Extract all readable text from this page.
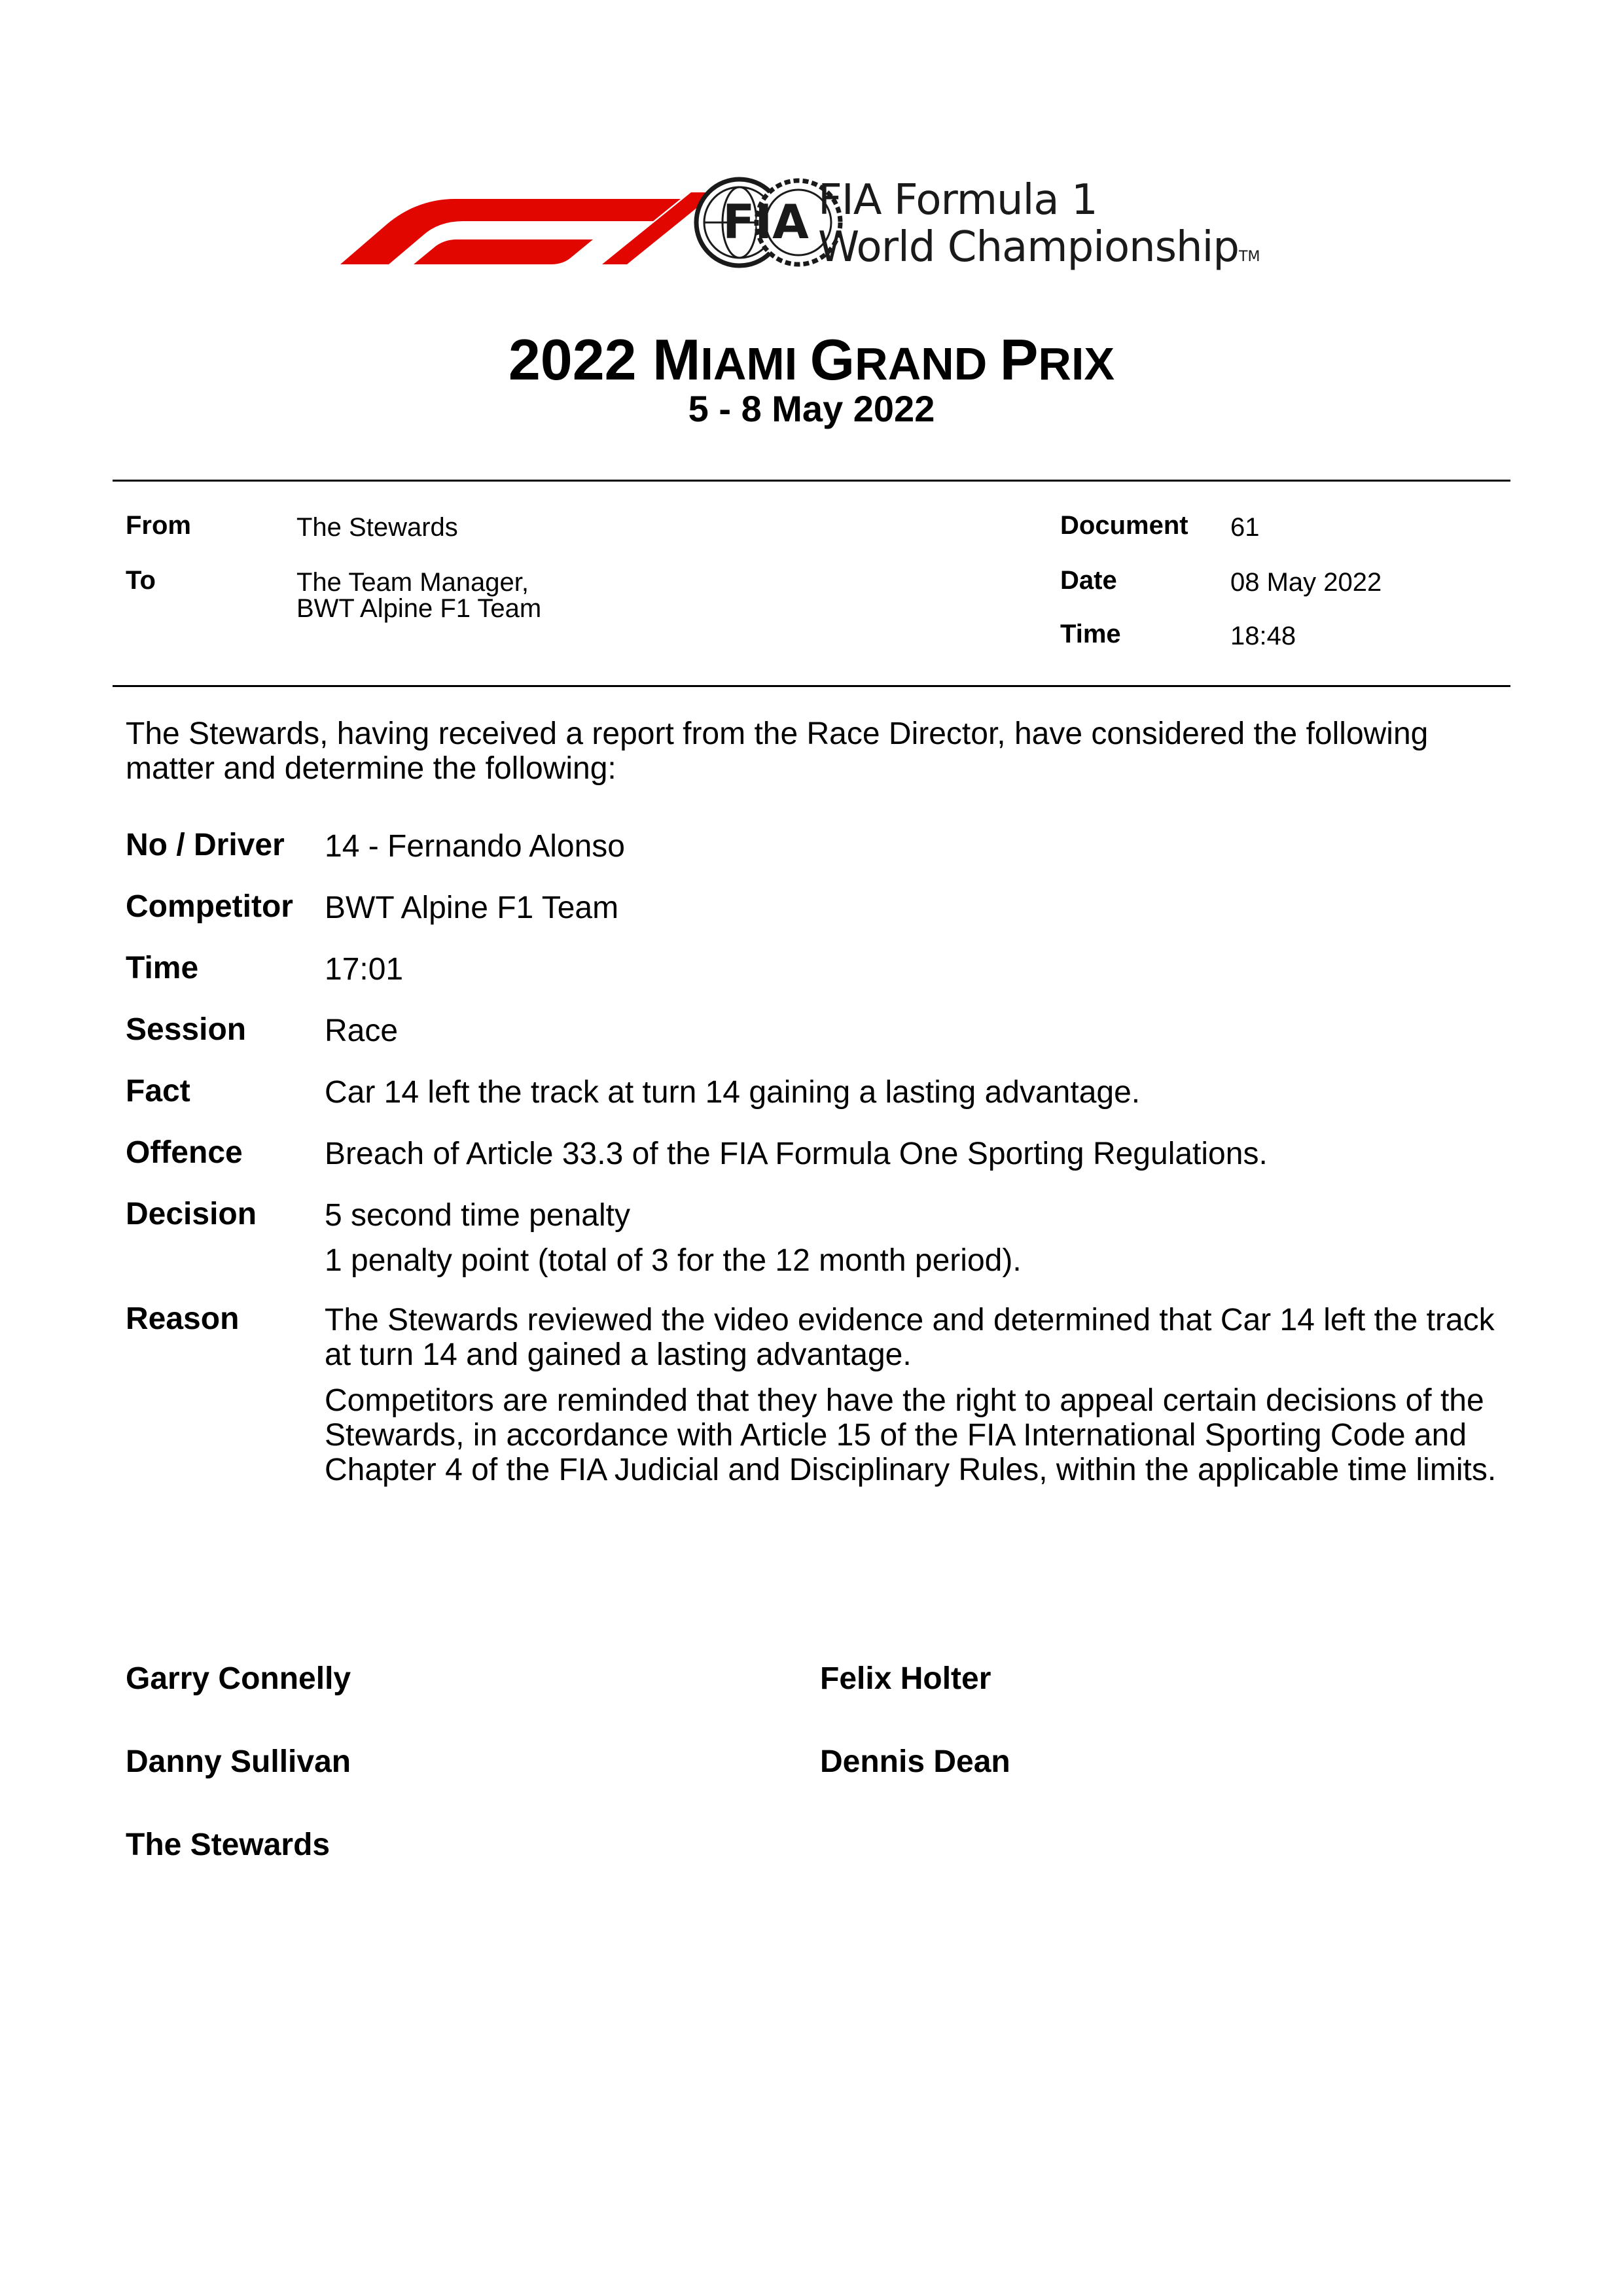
FIA FIA Formula 1
World ChampionshipTM
2022 MIAMI GRAND PRIX
5 - 8 May 2022
From	The Stewards
To	The Team Manager,
BWT Alpine F1 Team
Document 61
Date	08 May 2022
Time	18:48
The Stewards, having received a report from the Race Director, have considered the following matter and determine the following:
No / Driver 14 - Fernando Alonso
Competitor BWT Alpine F1 Team
Time	17:01
Session Race
Fact	Car 14 left the track at turn 14 gaining a lasting advantage.
Offence	Breach of Article 33.3 of the FIA Formula One Sporting Regulations.
Decision 5 second time penalty

1 penalty point (total of 3 for the 12 month period).

Reason	The Stewards reviewed the video evidence and determined that Car 14 left the track at turn 14 and gained a lasting advantage.

Competitors are reminded that they have the right to appeal certain decisions of the Stewards, in accordance with Article 15 of the FIA International Sporting Code and Chapter 4 of the FIA Judicial and Disciplinary Rules, within the applicable time limits.

Garry Connelly	Felix Holter
Danny Sullivan	Dennis Dean
The Stewards
